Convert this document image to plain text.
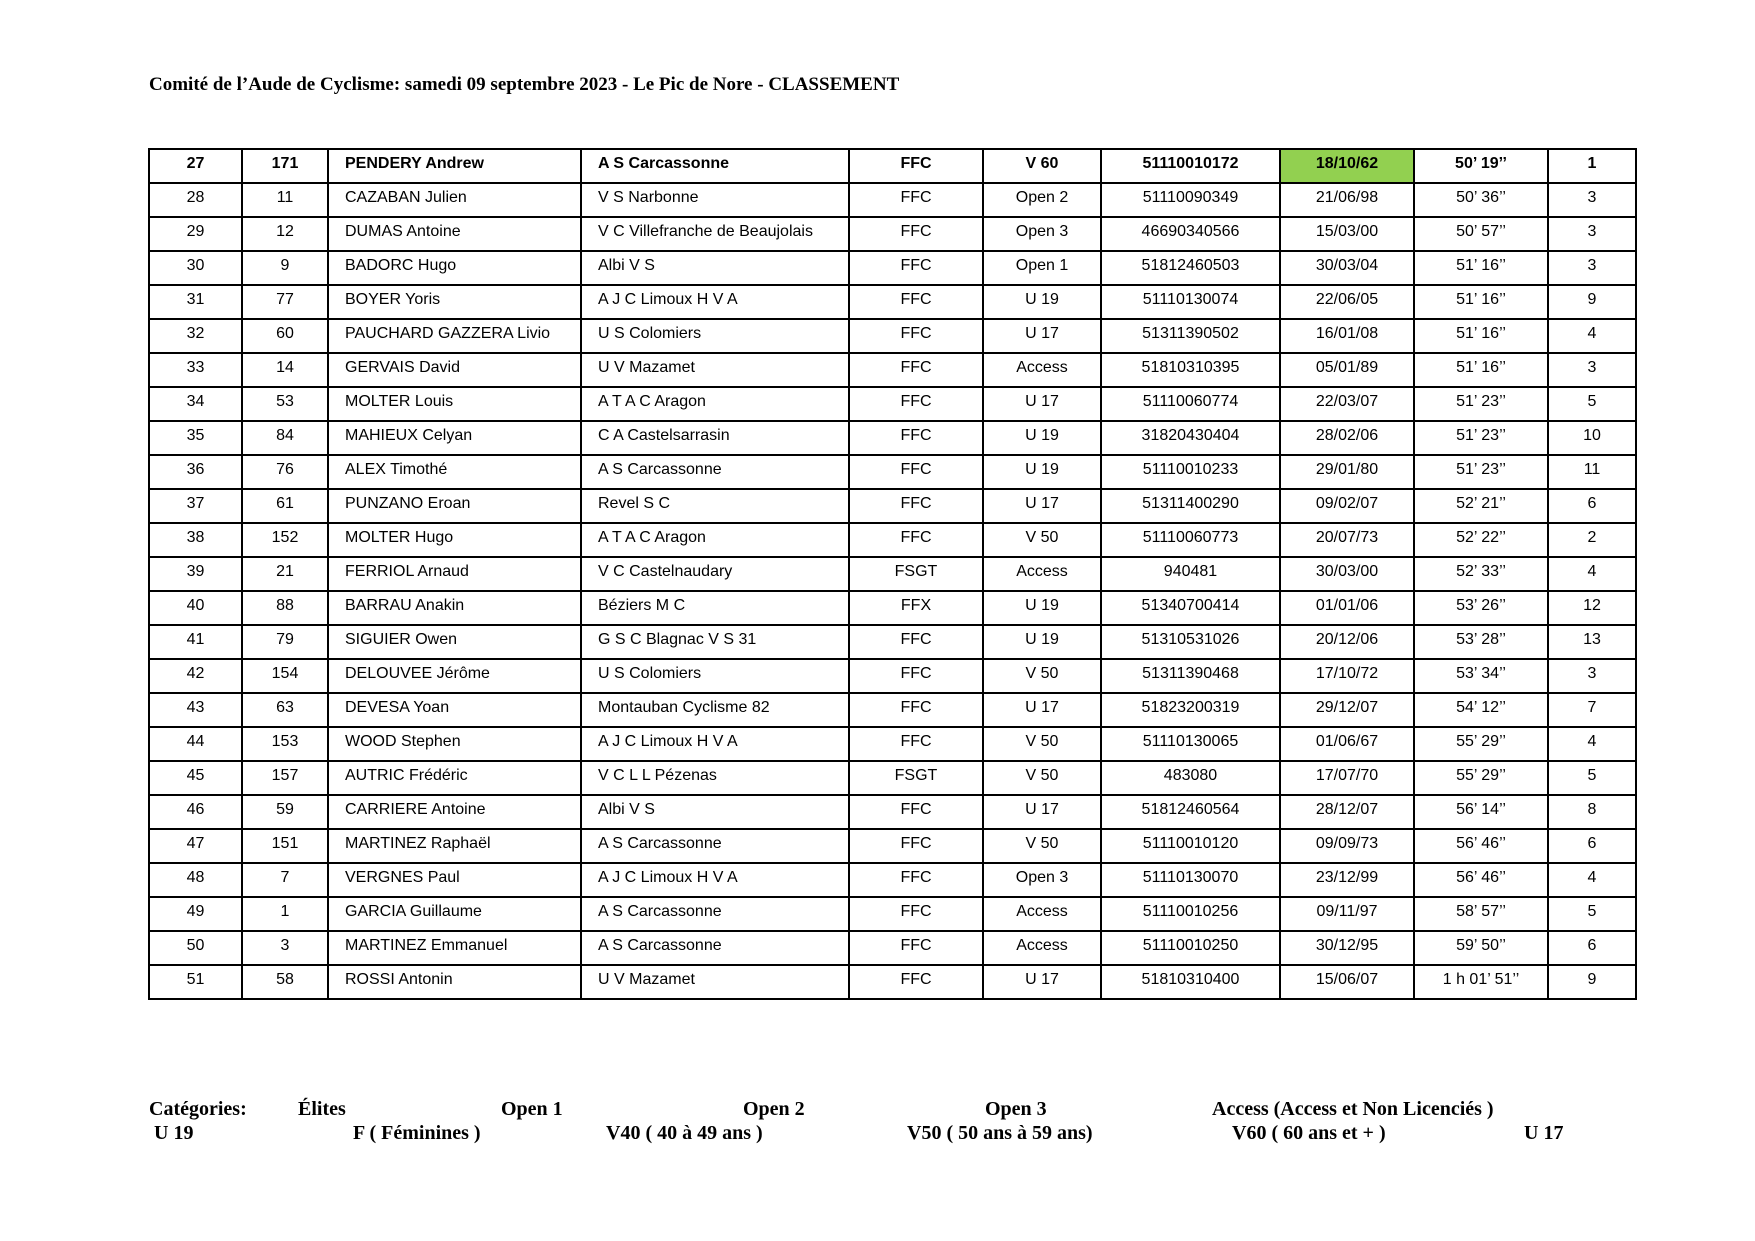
Comité de l’Aude de Cyclisme: samedi 09 septembre 2023 - Le Pic de Nore - CLASSEMENT
27	171	PENDERY Andrew	A S Carcassonne	FFC	V 60	51110010172	18/10/62	50’ 19’’	1
28	11	CAZABAN Julien	V S Narbonne	FFC	Open 2	51110090349	21/06/98	50’ 36’’	3
29	12	DUMAS Antoine	V C Villefranche de Beaujolais	FFC	Open 3	46690340566	15/03/00	50’ 57’’	3
30	9	BADORC Hugo	Albi V S	FFC	Open 1	51812460503	30/03/04	51’ 16’’	3
31	77	BOYER Yoris	A J C Limoux H V A	FFC	U 19	51110130074	22/06/05	51’ 16’’	9
32	60	PAUCHARD GAZZERA Livio	U S Colomiers	FFC	U 17	51311390502	16/01/08	51’ 16’’	4
33	14	GERVAIS David	U V Mazamet	FFC	Access	51810310395	05/01/89	51’ 16’’	3
34	53	MOLTER Louis	A T A C Aragon	FFC	U 17	51110060774	22/03/07	51’ 23’’	5
35	84	MAHIEUX Celyan	C A Castelsarrasin	FFC	U 19	31820430404	28/02/06	51’ 23’’	10
36	76	ALEX Timothé	A S Carcassonne	FFC	U 19	51110010233	29/01/80	51’ 23’’	11
37	61	PUNZANO Eroan	Revel S C	FFC	U 17	51311400290	09/02/07	52’ 21’’	6
38	152	MOLTER Hugo	A T A C Aragon	FFC	V 50	51110060773	20/07/73	52’ 22’’	2
39	21	FERRIOL Arnaud	V C Castelnaudary	FSGT	Access	940481	30/03/00	52’ 33’’	4
40	88	BARRAU Anakin	Béziers M C	FFX	U 19	51340700414	01/01/06	53’ 26’’	12
41	79	SIGUIER Owen	G S C Blagnac V S 31	FFC	U 19	51310531026	20/12/06	53’ 28’’	13
42	154	DELOUVEE Jérôme	U S Colomiers	FFC	V 50	51311390468	17/10/72	53’ 34’’	3
43	63	DEVESA Yoan	Montauban Cyclisme 82	FFC	U 17	51823200319	29/12/07	54’ 12’’	7
44	153	WOOD Stephen	A J C Limoux H V A	FFC	V 50	51110130065	01/06/67	55’ 29’’	4
45	157	AUTRIC Frédéric	V C L L Pézenas	FSGT	V 50	483080	17/07/70	55’ 29’’	5
46	59	CARRIERE Antoine	Albi V S	FFC	U 17	51812460564	28/12/07	56’ 14’’	8
47	151	MARTINEZ Raphaël	A S Carcassonne	FFC	V 50	51110010120	09/09/73	56’ 46’’	6
48	7	VERGNES Paul	A J C Limoux H V A	FFC	Open 3	51110130070	23/12/99	56’ 46’’	4
49	1	GARCIA Guillaume	A S Carcassonne	FFC	Access	51110010256	09/11/97	58’ 57’’	5
50	3	MARTINEZ Emmanuel	A S Carcassonne	FFC	Access	51110010250	30/12/95	59’ 50’’	6
51	58	ROSSI Antonin	U V Mazamet	FFC	U 17	51810310400	15/06/07	1 h 01’ 51’’	9
Catégories:	Élites	Open 1	Open 2	Open 3	Access (Access et Non Licenciés )
U 19	F ( Féminines )	V40 ( 40 à 49 ans )	V50 ( 50 ans à 59 ans)	V60 ( 60 ans et + )	U 17
